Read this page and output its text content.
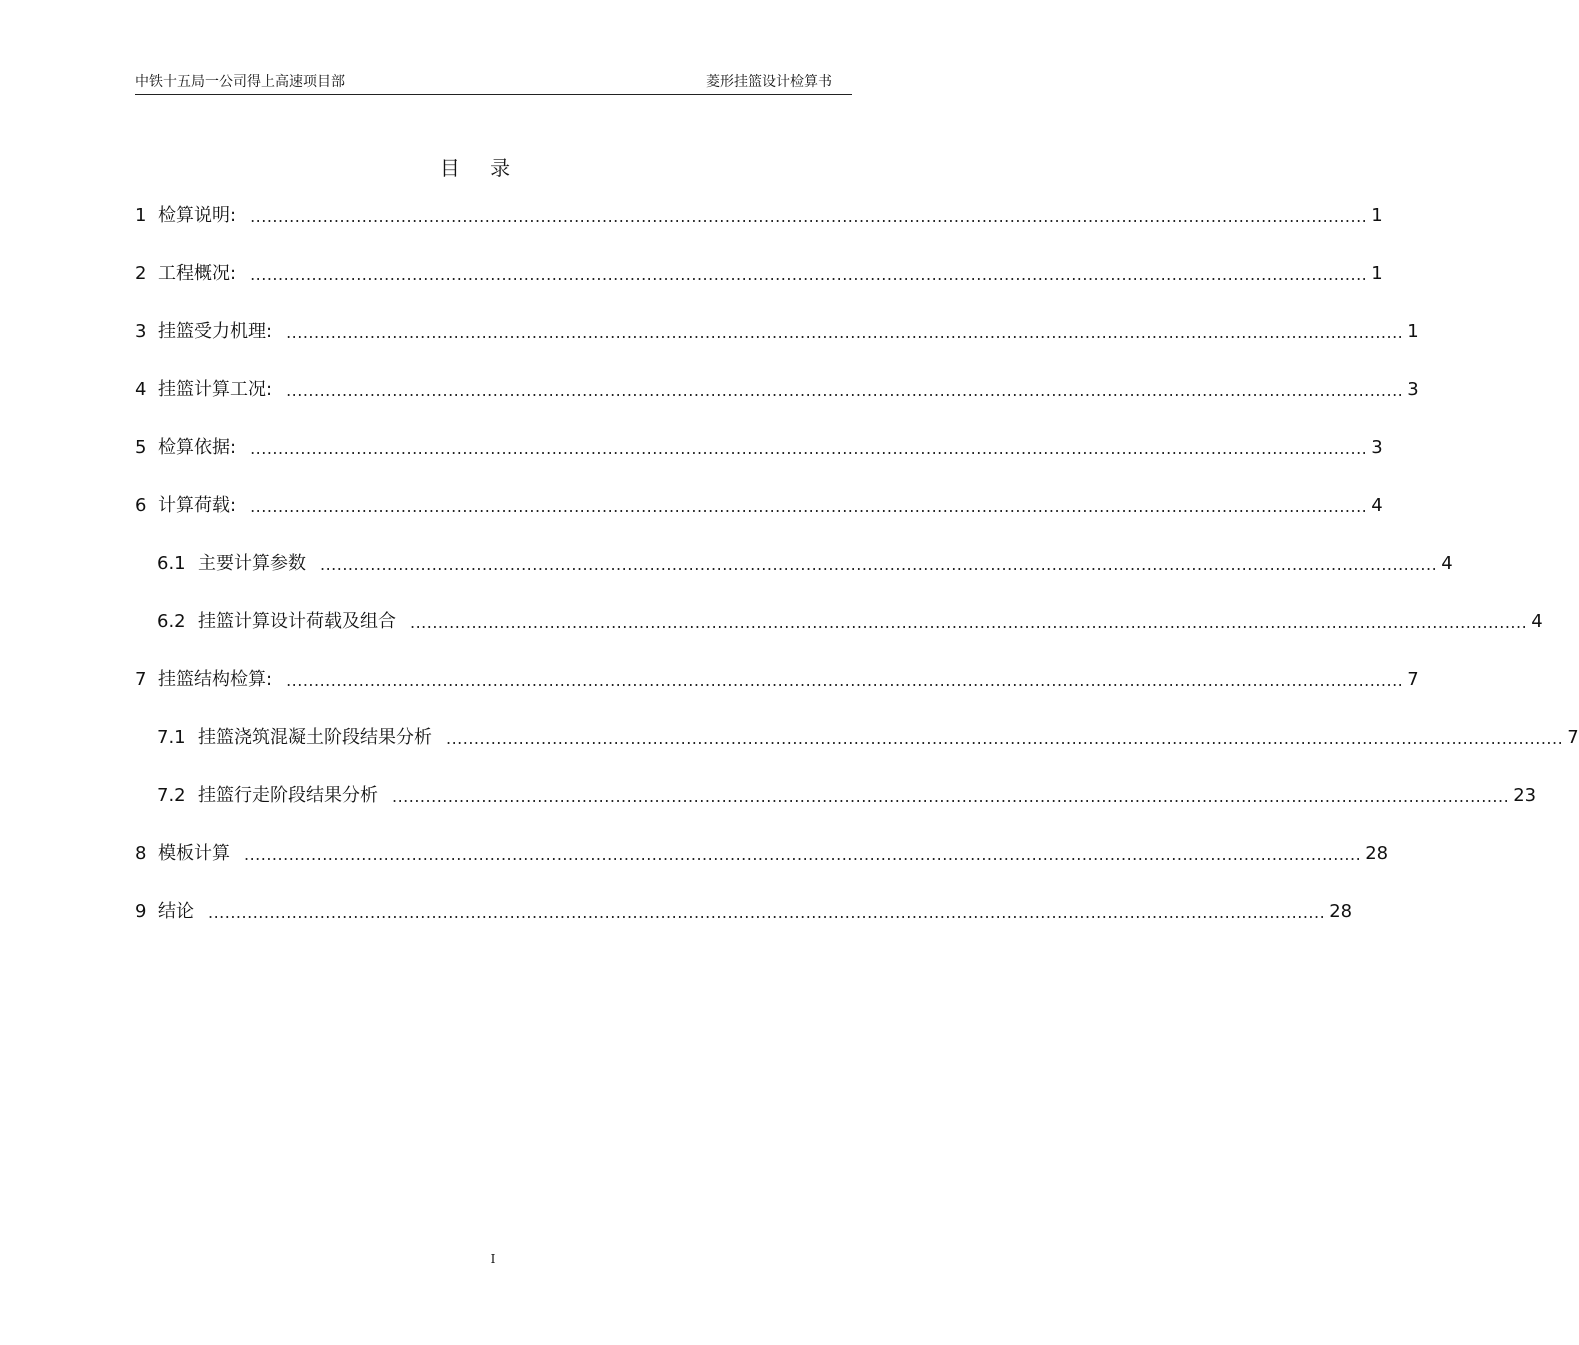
中铁十五局一公司得上高速项目部	菱形挂篮设计检算书
目 录
1 检算说明: ........................................................................................................................................................................................................ 1
2 工程概况: ........................................................................................................................................................................................................ 1
3 挂篮受力机理: ........................................................................................................................................................................................................ 1
4 挂篮计算工况: ........................................................................................................................................................................................................ 3
5 检算依据: ........................................................................................................................................................................................................ 3
6 计算荷载: ........................................................................................................................................................................................................ 4
6.1 主要计算参数 ........................................................................................................................................................................................................ 4
6.2 挂篮计算设计荷载及组合 ........................................................................................................................................................................................................ 4
7 挂篮结构检算: ........................................................................................................................................................................................................ 7
7.1 挂篮浇筑混凝土阶段结果分析 ........................................................................................................................................................................................................ 7
7.2 挂篮行走阶段结果分析 ........................................................................................................................................................................................................ 23
8 模板计算 ........................................................................................................................................................................................................ 28
9 结论 ........................................................................................................................................................................................................ 28
I
